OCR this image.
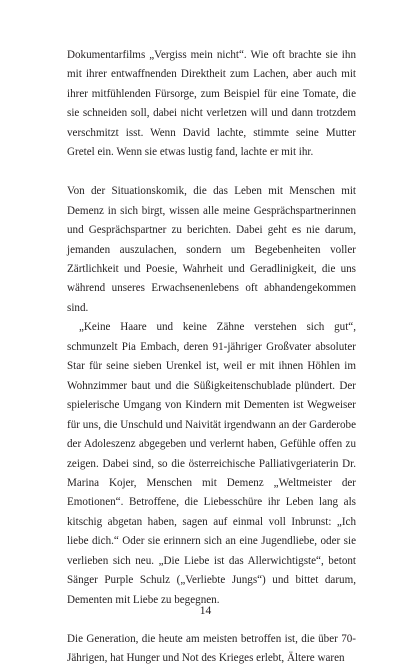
Dokumentarfilms „Vergiss mein nicht“. Wie oft brachte sie ihn mit ihrer entwaffnenden Direktheit zum Lachen, aber auch mit ihrer mitfühlenden Fürsorge, zum Beispiel für eine Tomate, die sie schneiden soll, dabei nicht verletzen will und dann trotzdem verschmitzt isst. Wenn David lachte, stimmte seine Mutter Gretel ein. Wenn sie etwas lustig fand, lachte er mit ihr.

Von der Situationskomik, die das Leben mit Menschen mit Demenz in sich birgt, wissen alle meine Gesprächspartnerinnen und Gesprächspartner zu berichten. Dabei geht es nie darum, jemanden auszulachen, sondern um Begebenheiten voller Zärtlichkeit und Poesie, Wahrheit und Geradlinigkeit, die uns während unseres Erwachsenenlebens oft abhandengekommen sind.

„Keine Haare und keine Zähne verstehen sich gut“, schmunzelt Pia Embach, deren 91-jähriger Großvater absoluter Star für seine sieben Urenkel ist, weil er mit ihnen Höhlen im Wohnzimmer baut und die Süßigkeitenschublade plündert. Der spielerische Umgang von Kindern mit Dementen ist Wegweiser für uns, die Unschuld und Naivität irgendwann an der Garderobe der Adoleszenz abgegeben und verlernt haben, Gefühle offen zu zeigen. Dabei sind, so die österreichische Palliativgeriaterin Dr. Marina Kojer, Menschen mit Demenz „Weltmeister der Emotionen“. Betroffene, die Liebesschüre ihr Leben lang als kitschig abgetan haben, sagen auf einmal voll Inbrunst: „Ich liebe dich.“ Oder sie erinnern sich an eine Jugendliebe, oder sie verlieben sich neu. „Die Liebe ist das Allerwichtigste“, betont Sänger Purple Schulz („Verliebte Jungs“) und bittet darum, Dementen mit Liebe zu begegnen.

Die Generation, die heute am meisten betroffen ist, die über 70-Jährigen, hat Hunger und Not des Krieges erlebt, Ältere waren

14
